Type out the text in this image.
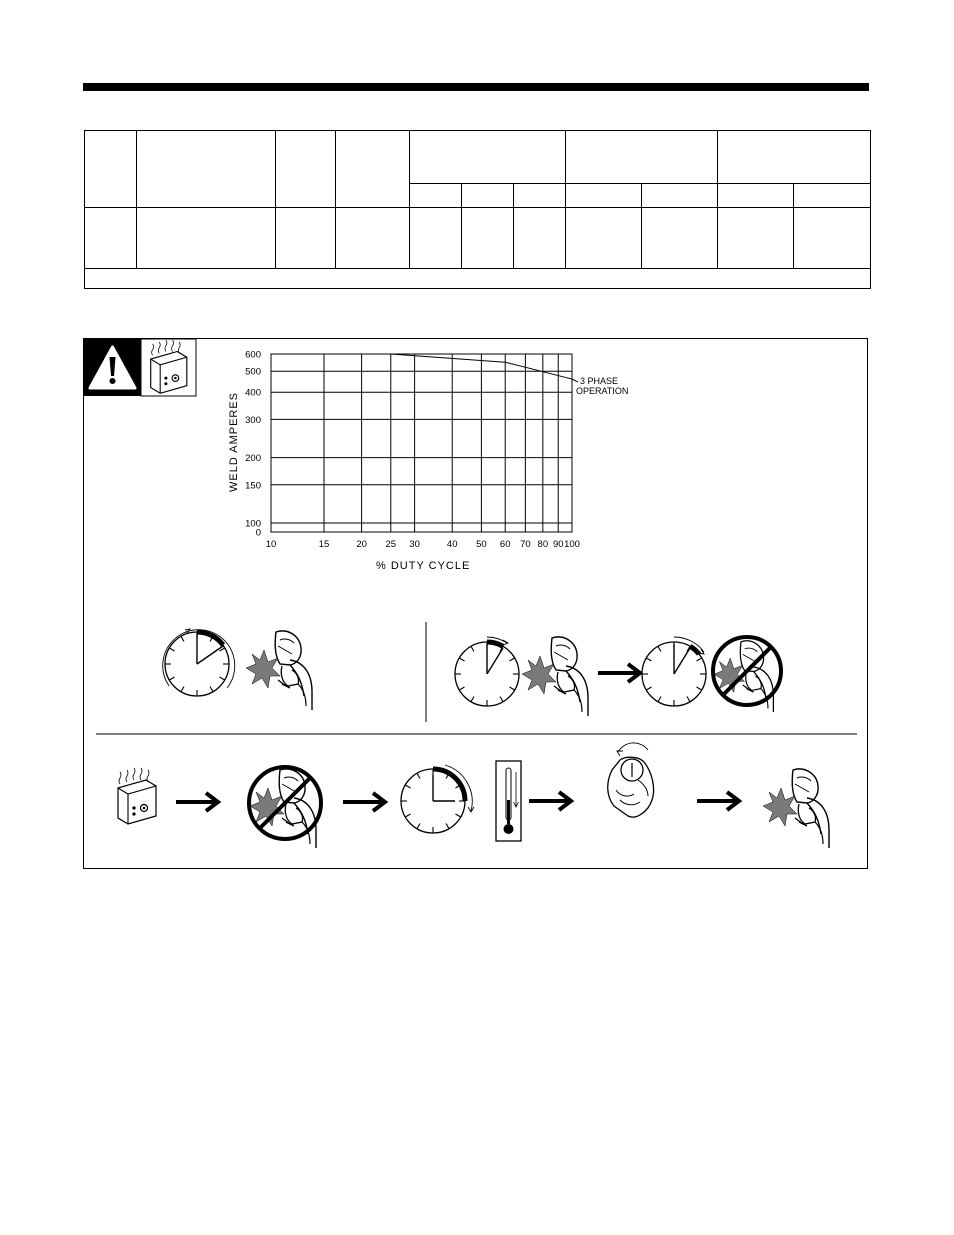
10	15	20 25 30	40 50 60 70 80 90 100
600
500
400
300
200
150
100
0
WELD AMPERES
% DUTY CYCLE
3 PHASE OPERATION
